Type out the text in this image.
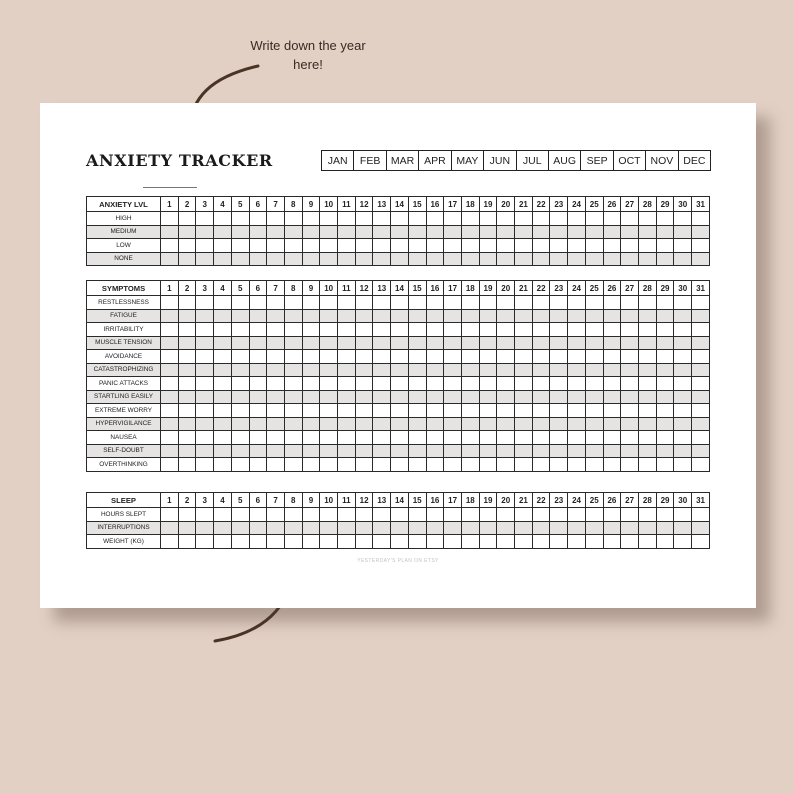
Write down the year here!
ANXIETY TRACKER	JAN	FEB	MAR APR	MAY	JUN	JUL	AUG	SEP	OCT NOV DEC
ANXIETY LVL	1	2	3	4	5	6	7	8	9	10	11	12	13	14	15	16	17	18	19	20	21	22	23	24	25	26	27	28	29	30	31
HIGH																															
MEDIUM																															
LOW																															
NONE																															
SYMPTOMS	1	2	3	4	5	6	7	8	9	10	11	12	13	14	15	16	17	18	19	20	21	22	23	24	25	26	27	28	29	30	31
RESTLESSNESS																															
FATIGUE																															
IRRITABILITY																															
MUSCLE TENSION																															
AVOIDANCE																															
CATASTROPHIZING																															
PANIC ATTACKS																															
STARTLING EASILY																															
EXTREME WORRY																															
HYPERVIGILANCE																															
NAUSEA																															
SELF-DOUBT																															
OVERTHINKING																															
SLEEP	1	2	3	4	5	6	7	8	9	10	11	12	13	14	15	16	17	18	19	20	21	22	23	24	25	26	27	28	29	30	31
HOURS SLEPT																															
INTERRUPTIONS																															
WEIGHT (KG)																															
YESTERDAY'S PLAN ON ETSY
